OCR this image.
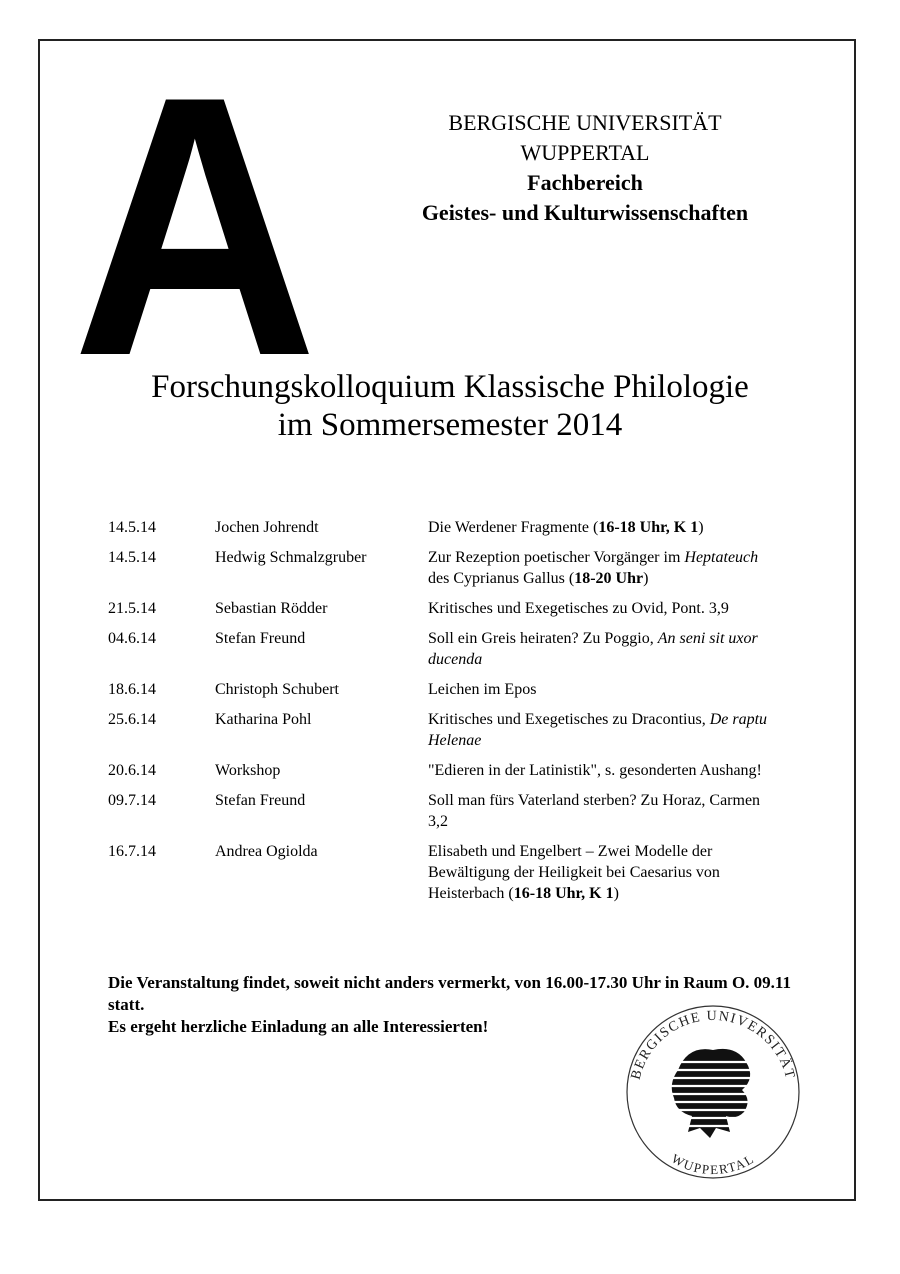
A	BERGISCHE UNIVERSITÄT
WUPPERTAL
Fachbereich
Geistes- und Kulturwissenschaften
Forschungskolloquium Klassische Philologie
im Sommersemester 2014
14.5.14	Jochen Johrendt	Die Werdener Fragmente (16-18 Uhr, K 1)
14.5.14	Hedwig Schmalzgruber	Zur Rezeption poetischer Vorgänger im Heptateuch des Cyprianus Gallus (18-20 Uhr)
21.5.14	Sebastian Rödder	Kritisches und Exegetisches zu Ovid, Pont. 3,9
04.6.14	Stefan Freund	Soll ein Greis heiraten? Zu Poggio, An seni sit uxor ducenda
18.6.14	Christoph Schubert	Leichen im Epos
25.6.14	Katharina Pohl	Kritisches und Exegetisches zu Dracontius, De raptu Helenae
20.6.14	Workshop	"Edieren in der Latinistik", s. gesonderten Aushang!
09.7.14	Stefan Freund	Soll man fürs Vaterland sterben? Zu Horaz, Carmen 3,2
16.7.14	Andrea Ogiolda	Elisabeth und Engelbert – Zwei Modelle der Bewältigung der Heiligkeit bei Caesarius von Heisterbach (16-18 Uhr, K 1)
Die Veranstaltung findet, soweit nicht anders vermerkt, von 16.00-17.30 Uhr in Raum O. 09.11 statt.
Es ergeht herzliche Einladung an alle Interessierten!
BERGISCHE UNIVERSITÄT
WUPPERTAL
